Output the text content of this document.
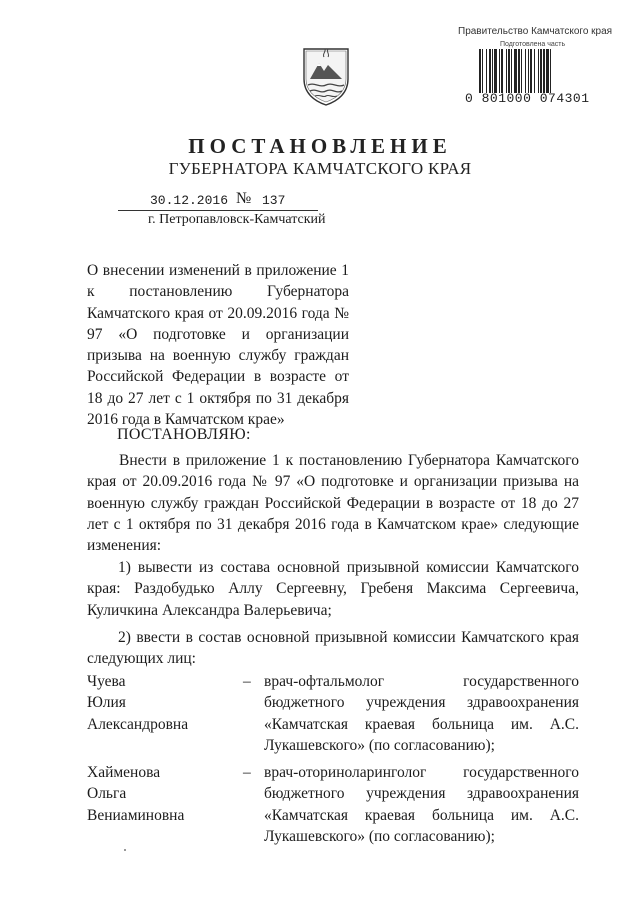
Правительство Камчатского края
Подготовлена часть
0 801000 074301
ПОСТАНОВЛЕНИЕ
ГУБЕРНАТОРА КАМЧАТСКОГО КРАЯ
30.12.2016 № 137
г. Петропавловск-Камчатский
О внесении изменений в приложение 1 к постановлению Губернатора Камчатского края от 20.09.2016 года № 97 «О подготовке и организации призыва на военную службу граждан Российской Федерации в возрасте от 18 до 27 лет с 1 октября по 31 декабря 2016 года в Камчатском крае»
ПОСТАНОВЛЯЮ:
Внести в приложение 1 к постановлению Губернатора Камчатского края от 20.09.2016 года № 97 «О подготовке и организации призыва на военную службу граждан Российской Федерации в возрасте от 18 до 27 лет с 1 октября по 31 декабря 2016 года в Камчатском крае» следующие изменения:
1) вывести из состава основной призывной комиссии Камчатского края: Раздобудько Аллу Сергеевну, Гребеня Максима Сергеевича, Куличкина Александра Валерьевича;
2) ввести в состав основной призывной комиссии Камчатского края следующих лиц:
Чуева
Юлия
Александровна
– врач-офтальмолог государственного бюджетного учреждения здравоохранения «Камчатская краевая больница им. А.С. Лукашевского» (по согласованию);
Хайменова
Ольга
Вениаминовна
– врач-оториноларинголог государственного бюджетного учреждения здравоохранения «Камчатская краевая больница им. А.С. Лукашевского» (по согласованию);
